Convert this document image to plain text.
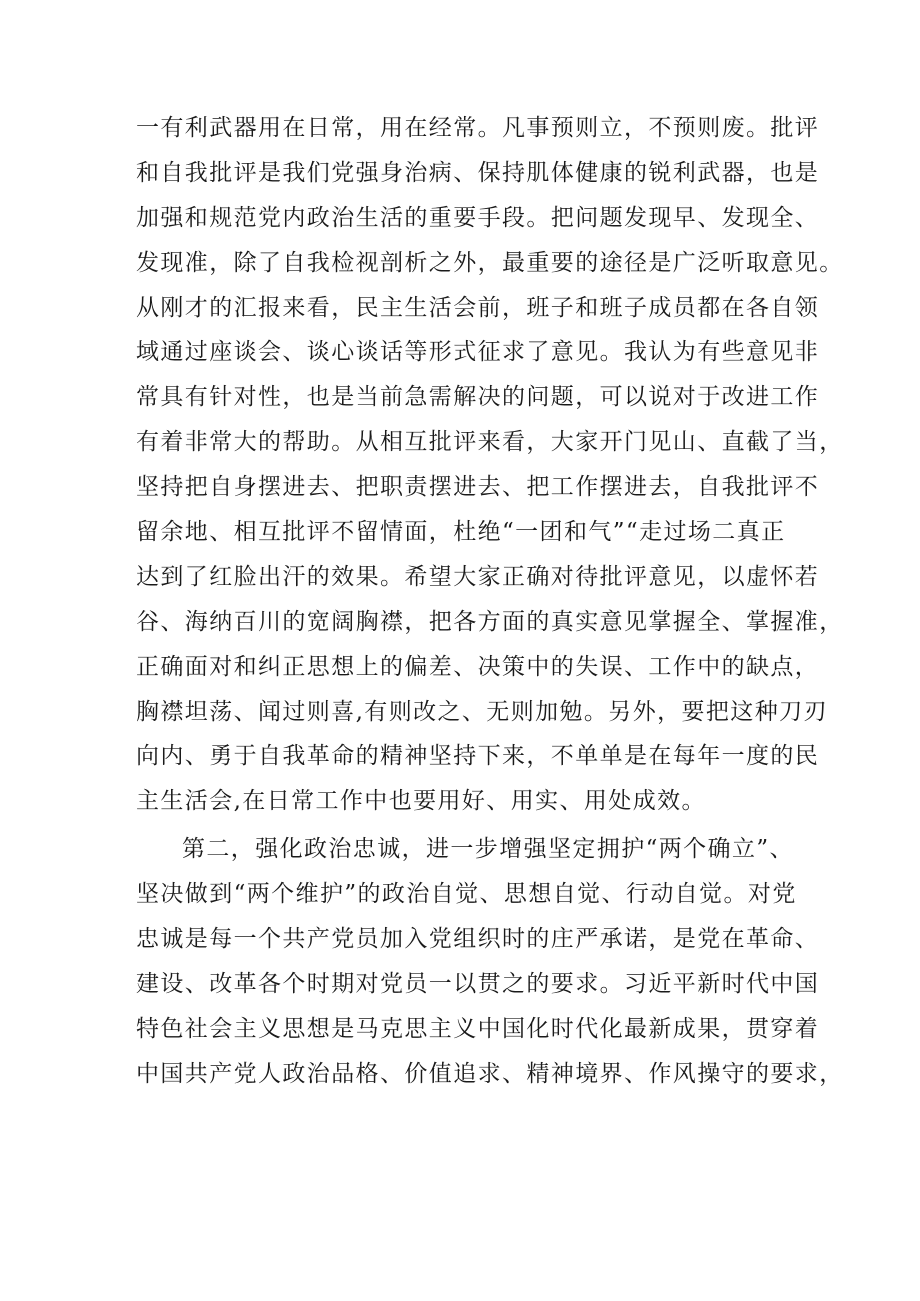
一有利武器用在日常，用在经常。凡事预则立，不预则废。批评
和自我批评是我们党强身治病、保持肌体健康的锐利武器，也是
加强和规范党内政治生活的重要手段。把问题发现早、发现全、
发现准，除了自我检视剖析之外，最重要的途径是广泛听取意见。
从刚才的汇报来看，民主生活会前，班子和班子成员都在各自领
域通过座谈会、谈心谈话等形式征求了意见。我认为有些意见非
常具有针对性，也是当前急需解决的问题，可以说对于改进工作
有着非常大的帮助。从相互批评来看，大家开门见山、直截了当，
坚持把自身摆进去、把职责摆进去、把工作摆进去，自我批评不
留余地、相互批评不留情面，杜绝“一团和气”“走过场二真正
达到了红脸出汗的效果。希望大家正确对待批评意见，以虚怀若
谷、海纳百川的宽阔胸襟，把各方面的真实意见掌握全、掌握准，
正确面对和纠正思想上的偏差、决策中的失误、工作中的缺点，
胸襟坦荡、闻过则喜,有则改之、无则加勉。另外，要把这种刀刃
向内、勇于自我革命的精神坚持下来，不单单是在每年一度的民
主生活会,在日常工作中也要用好、用实、用处成效。
第二，强化政治忠诚，进一步增强坚定拥护“两个确立”、
坚决做到“两个维护”的政治自觉、思想自觉、行动自觉。对党
忠诚是每一个共产党员加入党组织时的庄严承诺，是党在革命、
建设、改革各个时期对党员一以贯之的要求。习近平新时代中国
特色社会主义思想是马克思主义中国化时代化最新成果，贯穿着
中国共产党人政治品格、价值追求、精神境界、作风操守的要求，
